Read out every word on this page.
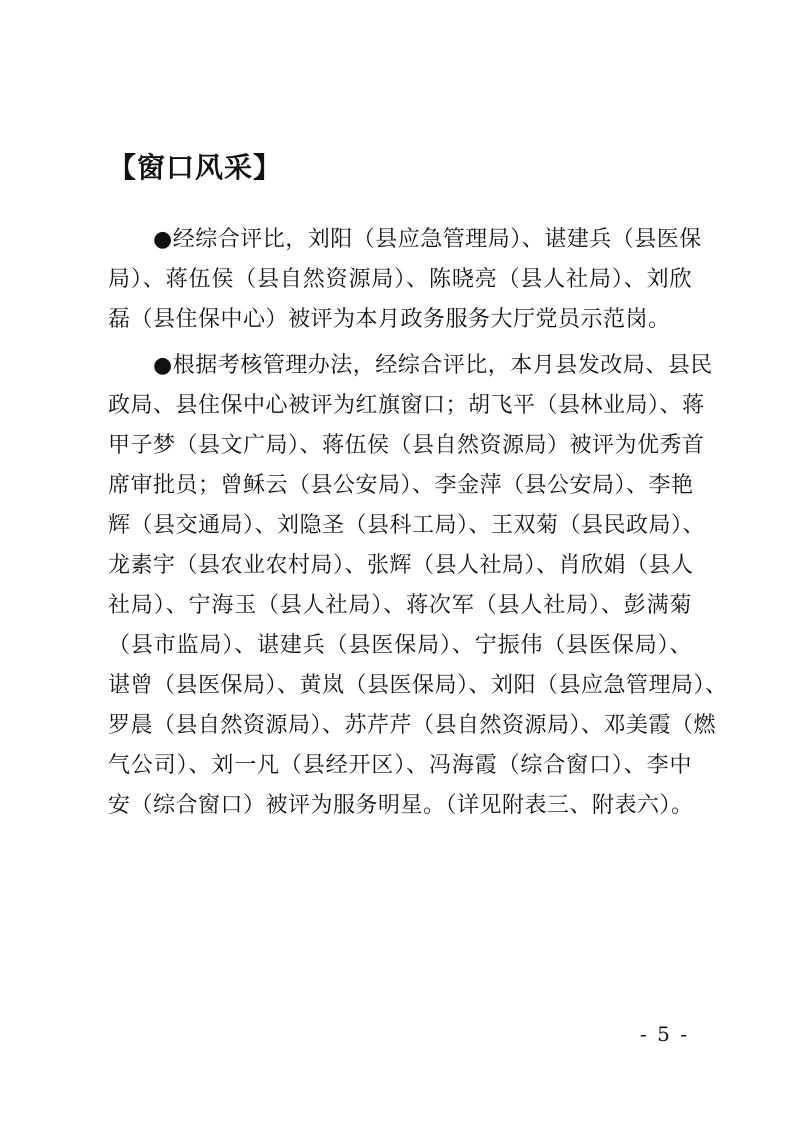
【窗口风采】
　　●经综合评比，刘阳（县应急管理局）、谌建兵（县医保
局）、蒋伍侯（县自然资源局）、陈晓亮（县人社局）、刘欣
磊（县住保中心）被评为本月政务服务大厅党员示范岗。
　　●根据考核管理办法，经综合评比，本月县发改局、县民
政局、县住保中心被评为红旗窗口；胡飞平（县林业局）、蒋
甲子梦（县文广局）、蒋伍侯（县自然资源局）被评为优秀首
席审批员；曾稣云（县公安局）、李金萍（县公安局）、李艳
辉（县交通局）、刘隐圣（县科工局）、王双菊（县民政局）、
龙素宇（县农业农村局）、张辉（县人社局）、肖欣娟（县人
社局）、宁海玉（县人社局）、蒋次军（县人社局）、彭满菊
（县市监局）、谌建兵（县医保局）、宁振伟（县医保局）、
谌曾（县医保局）、黄岚（县医保局）、刘阳（县应急管理局）、
罗晨（县自然资源局）、苏芹芹（县自然资源局）、邓美霞（燃
气公司）、刘一凡（县经开区）、冯海霞（综合窗口）、李中
安（综合窗口）被评为服务明星。（详见附表三、附表六）。
- 5 -
